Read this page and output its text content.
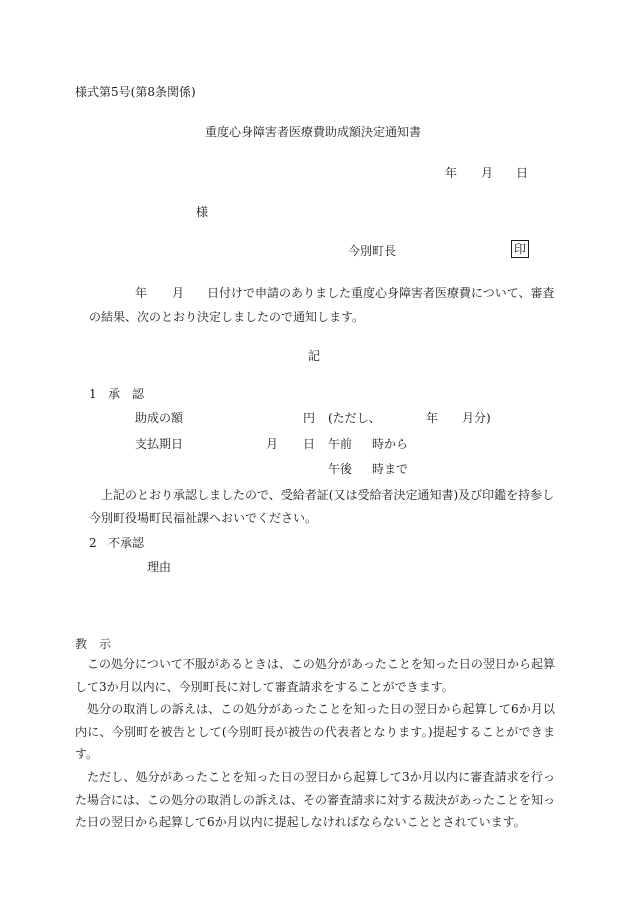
様式第5号(第8条関係)
重度心身障害者医療費助成額決定通知書
年 月 日
様
今別町長	印
年 月 日付けで申請のありました重度心身障害者医療費について、審査
の結果、次のとおり決定しましたので通知します。
記
1 承　認
助成の額	円 (ただし、	年 月分)
支払期日	月 日 午前 時から
午後 時まで
上記のとおり承認しましたので、受給者証(又は受給者決定通知書)及び印鑑を持参し
今別町役場町民福祉課へおいでください。
2 不承認
理由
教　示
この処分について不服があるときは、この処分があったことを知った日の翌日から起算して3か月以内に、今別町長に対して審査請求をすることができます。
処分の取消しの訴えは、この処分があったことを知った日の翌日から起算して6か月以内に、今別町を被告として(今別町長が被告の代表者となります。)提起することができます。
ただし、処分があったことを知った日の翌日から起算して3か月以内に審査請求を行った場合には、この処分の取消しの訴えは、その審査請求に対する裁決があったことを知った日の翌日から起算して6か月以内に提起しなければならないこととされています。
